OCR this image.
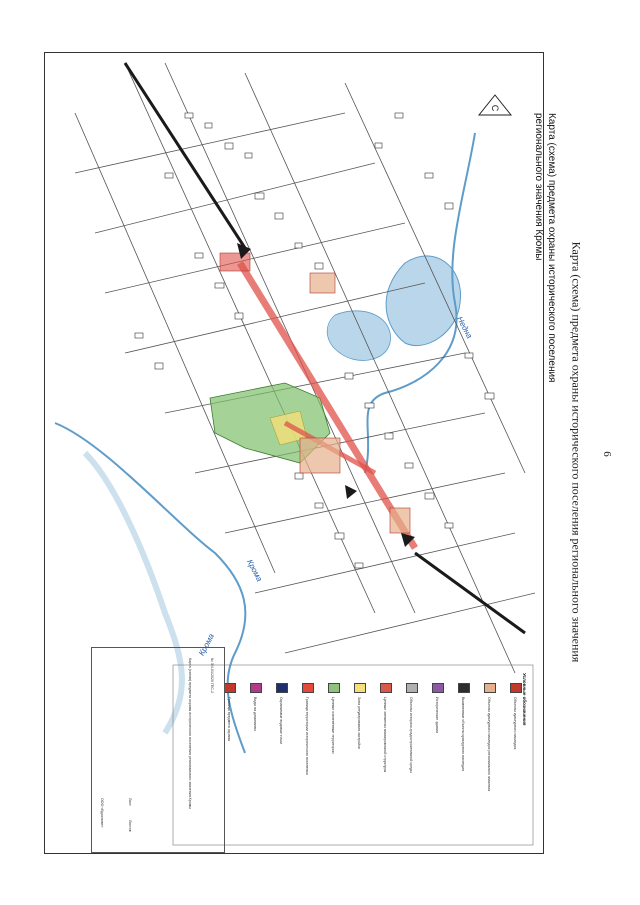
6
Карта (схема) предмета охраны исторического поселения регионального значения
С
Карта (схема) предмета охраны исторического поселения
регионального значения Кромы
Недна
Крома
Крома
Условные обозначения
Объекты культурного наследия
Объекты культурного наследия регионального значения
Выявленные объекты культурного наследия
Исторические здания
Объекты историко-градостроительной среды
Ценные элементы планировочной структуры
Зона регулирования застройки
Ценные озеленённые территории
Граница территории исторического поселения
Охраняемые видовые точки
Виды на доминанты
Граница предмета охраны
№ 3/4-01/2020 ГЕС-2
Карта (схема) предмета охраны исторического поселения регионального значения Кромы
Лист
Листов
ООО «Вдохнове»
